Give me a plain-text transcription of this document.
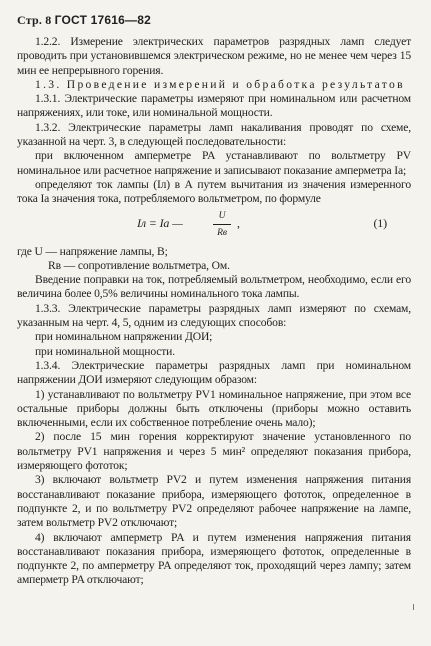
Стр. 8 ГОСТ 17616—82

1.2.2. Измерение электрических параметров разрядных ламп следует проводить при установившемся электрическом режиме, но не менее чем через 15 мин ее непрерывного горения.

1.3. Проведение измерений и обработка результатов

1.3.1. Электрические параметры измеряют при номинальном или расчетном напряжениях, или токе, или номинальной мощности.

1.3.2. Электрические параметры ламп накаливания проводят по схеме, указанной на черт. 3, в следующей последовательности:

при включенном амперметре PA устанавливают по вольтметру PV номинальное или расчетное напряжение и записывают показание амперметра Iа;

определяют ток лампы (Iл) в А путем вычитания из значения измеренного тока Iа значения тока, потребляемого вольтметром, по формуле

Iл = Iа —	U
Rв
,	(1)

где U — напряжение лампы, В;

Rв — сопротивление вольтметра, Ом.

Введение поправки на ток, потребляемый вольтметром, необходимо, если его величина более 0,5% величины номинального тока лампы.

1.3.3. Электрические параметры разрядных ламп измеряют по схемам, указанным на черт. 4, 5, одним из следующих способов:

при номинальном напряжении ДОИ;

при номинальной мощности.

1.3.4. Электрические параметры разрядных ламп при номинальном напряжении ДОИ измеряют следующим образом:

1) устанавливают по вольтметру PV1 номинальное напряжение, при этом все остальные приборы должны быть отключены (приборы можно оставить включенными, если их собственное потребление очень мало);

2) после 15 мин горения корректируют значение установленного по вольтметру PV1 напряжения и через 5 мин² определяют показания прибора, измеряющего фототок;

3) включают вольтметр PV2 и путем изменения напряжения питания восстанавливают показание прибора, измеряющего фототок, определенное в подпункте 2, и по вольтметру PV2 определяют рабочее напряжение на лампе, затем вольтметр PV2 отключают;

4) включают амперметр PA и путем изменения напряжения питания восстанавливают показания прибора, измеряющего фототок, определенные в подпункте 2, по амперметру PA определяют ток, проходящий через лампу; затем амперметр PA отключают;
